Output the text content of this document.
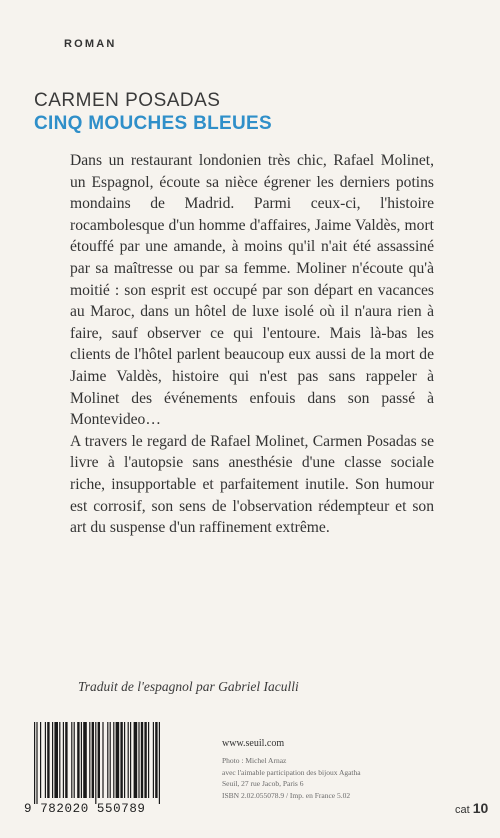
ROMAN
CARMEN POSADAS
CINQ MOUCHES BLEUES

Dans un restaurant londonien très chic, Rafael Molinet, un Espagnol, écoute sa nièce égrener les derniers potins mondains de Madrid. Parmi ceux-ci, l'histoire rocambolesque d'un homme d'affaires, Jaime Valdès, mort étouffé par une amande, à moins qu'il n'ait été assassiné par sa maîtresse ou par sa femme. Moliner n'écoute qu'à moitié : son esprit est occupé par son départ en vacances au Maroc, dans un hôtel de luxe isolé où il n'aura rien à faire, sauf observer ce qui l'entoure. Mais là-bas les clients de l'hôtel parlent beaucoup eux aussi de la mort de Jaime Valdès, histoire qui n'est pas sans rappeler à Molinet des événements enfouis dans son passé à Montevideo…

A travers le regard de Rafael Molinet, Carmen Posadas se livre à l'autopsie sans anesthésie d'une classe sociale riche, insupportable et parfaitement inutile. Son humour est corrosif, son sens de l'observation rédempteur et son art du suspense d'un raffinement extrême.

Traduit de l'espagnol par Gabriel Iaculli
9 782020 550789
www.seuil.com
Photo : Michel Arnaz
avec l'aimable participation des bijoux Agatha
Seuil, 27 rue Jacob, Paris 6
ISBN 2.02.055078.9 / Imp. en France 5.02
cat 10
